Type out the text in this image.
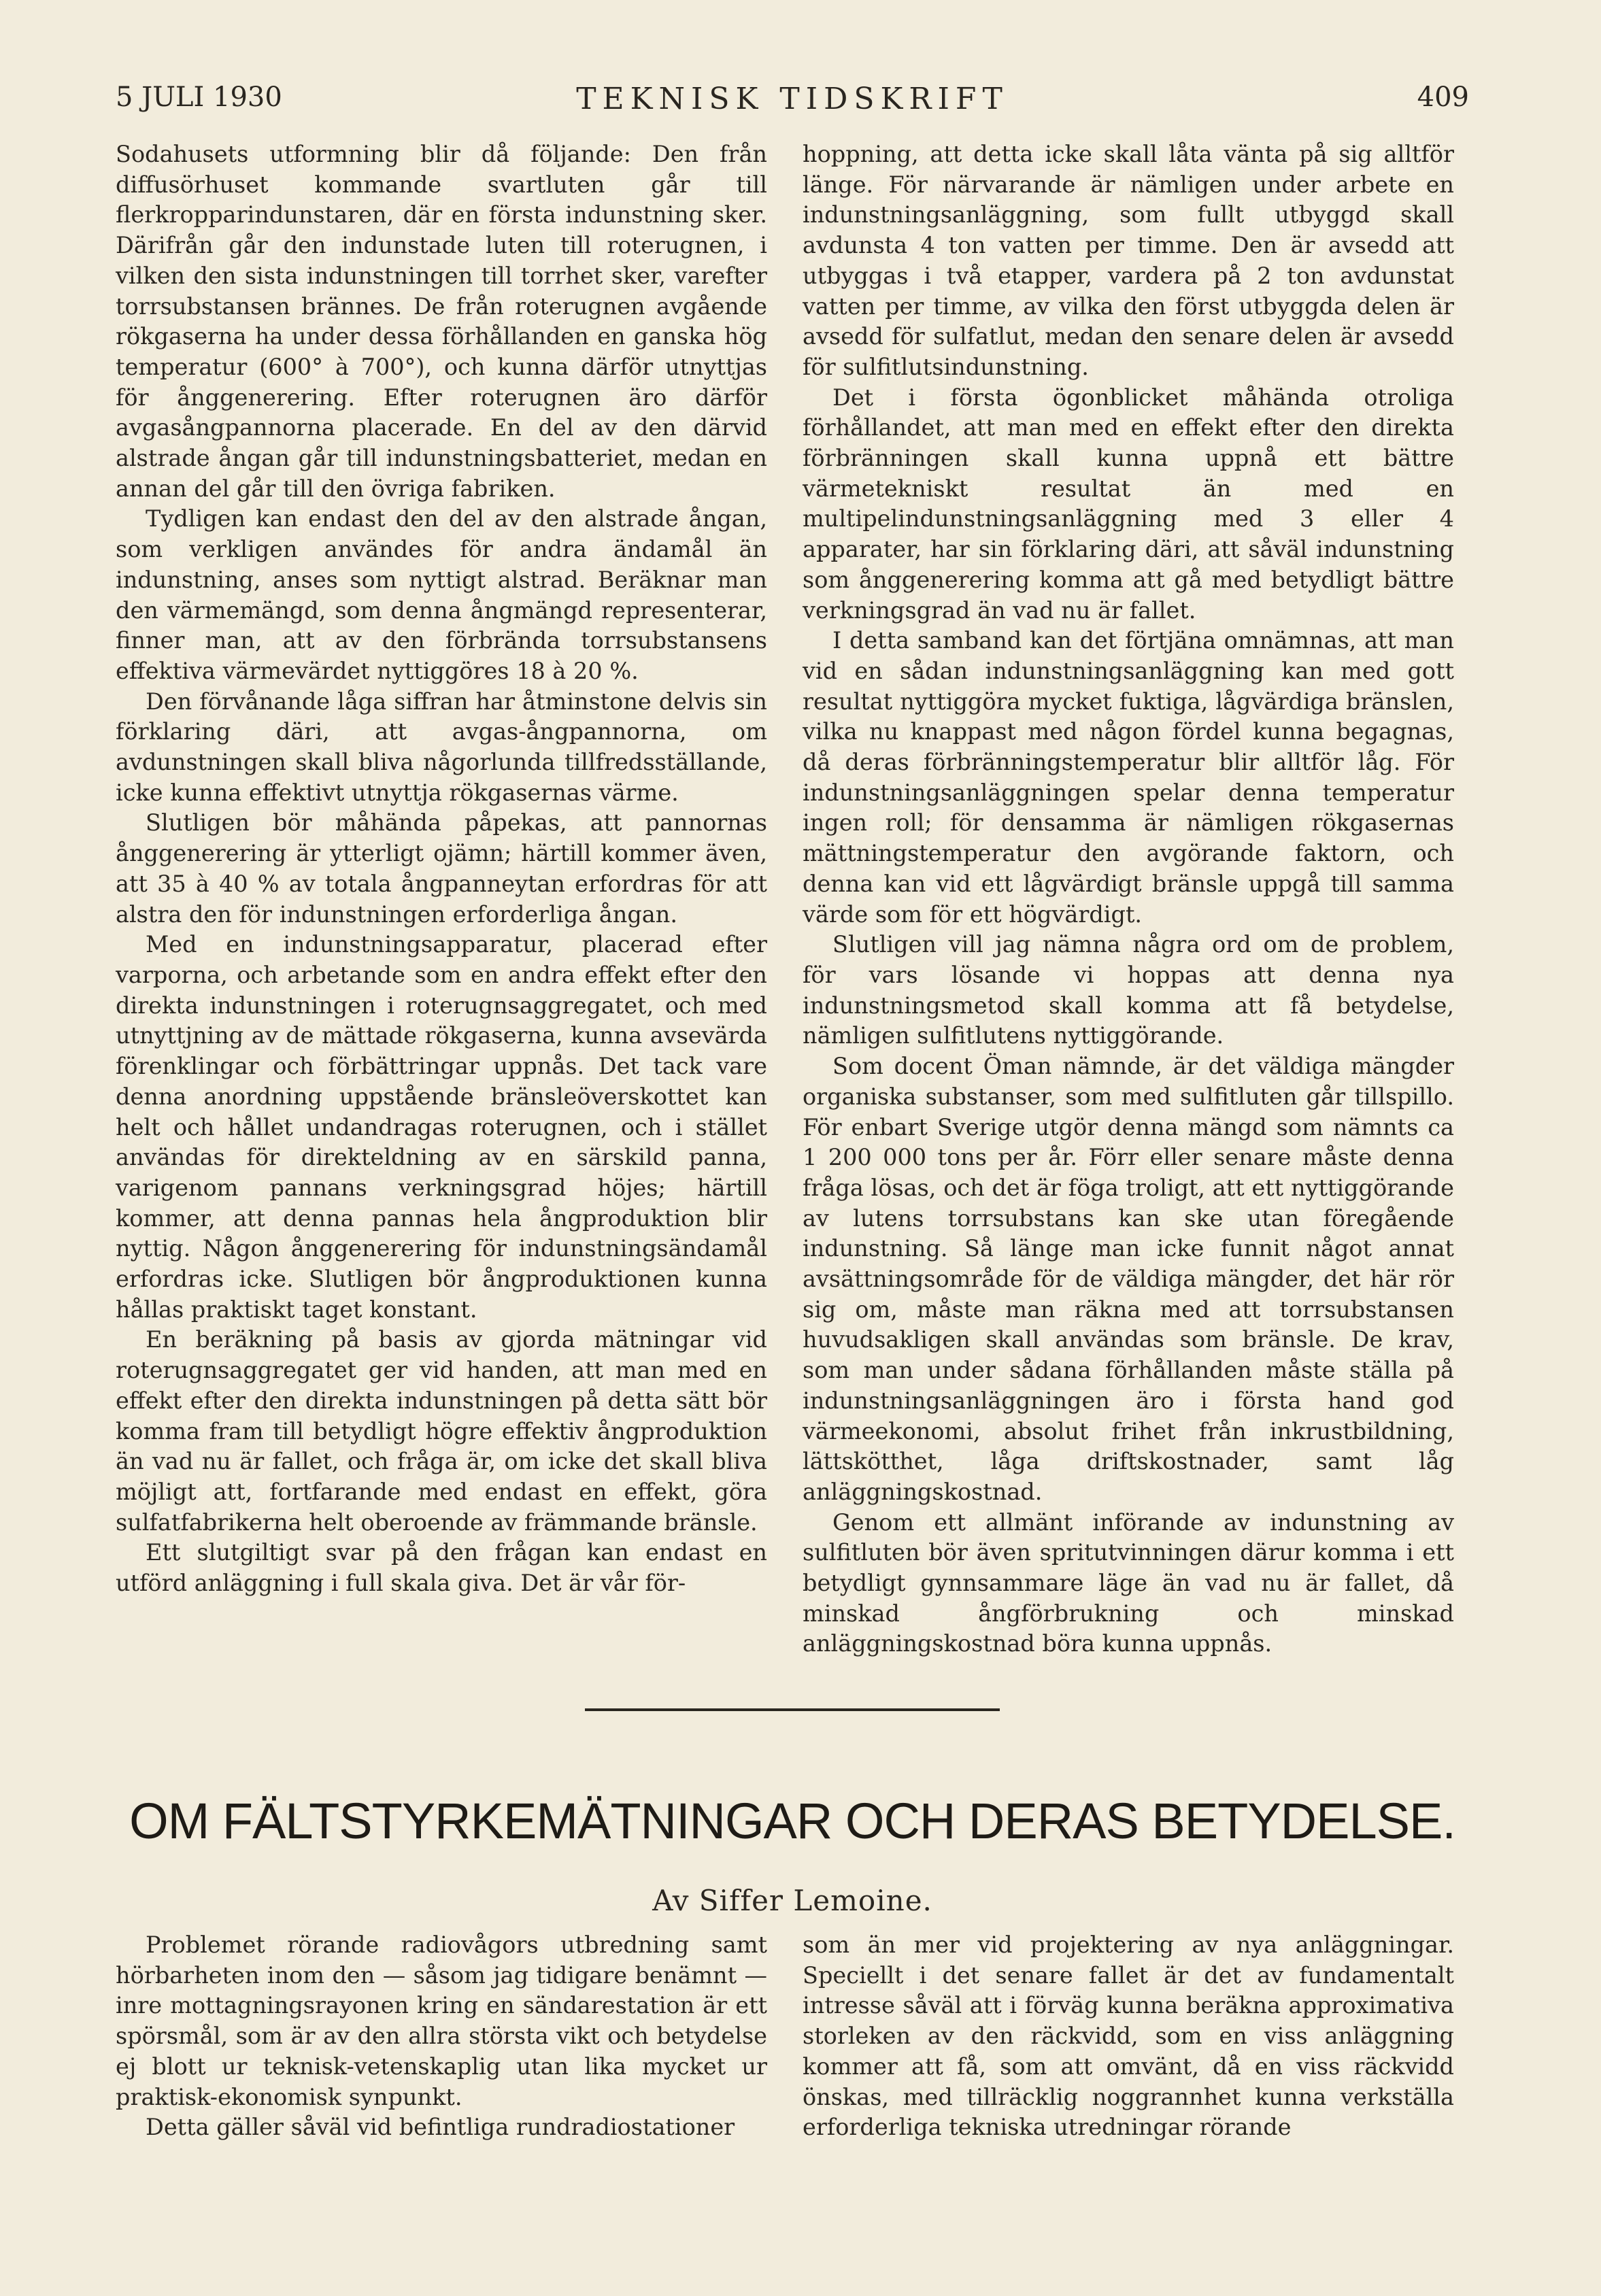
5 JULI 1930	TEKNISK TIDSKRIFT	409

Sodahusets utformning blir då följande: Den från diffusörhuset kommande svartluten går till flerkropparindunstaren, där en första indunstning sker. Därifrån går den indunstade luten till roterugnen, i vilken den sista indunstningen till torrhet sker, varefter torrsubstansen brännes. De från roterugnen avgående rökgaserna ha under dessa förhållanden en ganska hög temperatur (600° à 700°), och kunna därför utnyttjas för ånggenerering. Efter roterugnen äro därför avgasångpannorna placerade. En del av den därvid alstrade ångan går till indunstningsbatteriet, medan en annan del går till den övriga fabriken.

Tydligen kan endast den del av den alstrade ångan, som verkligen användes för andra ändamål än indunstning, anses som nyttigt alstrad. Beräknar man den värmemängd, som denna ångmängd representerar, finner man, att av den förbrända torrsubstansens effektiva värmevärdet nyttiggöres 18 à 20 %.

Den förvånande låga siffran har åtminstone delvis sin förklaring däri, att avgas-ångpannorna, om avdunstningen skall bliva någorlunda tillfredsställande, icke kunna effektivt utnyttja rökgasernas värme.

Slutligen bör måhända påpekas, att pannornas ånggenerering är ytterligt ojämn; härtill kommer även, att 35 à 40 % av totala ångpanneytan erfordras för att alstra den för indunstningen erforderliga ångan.

Med en indunstningsapparatur, placerad efter varporna, och arbetande som en andra effekt efter den direkta indunstningen i roterugnsaggregatet, och med utnyttjning av de mättade rökgaserna, kunna avsevärda förenklingar och förbättringar uppnås. Det tack vare denna anordning uppstående bränsleöverskottet kan helt och hållet undandragas roterugnen, och i stället användas för direkteldning av en särskild panna, varigenom pannans verkningsgrad höjes; härtill kommer, att denna pannas hela ångproduktion blir nyttig. Någon ånggenerering för indunstningsändamål erfordras icke. Slutligen bör ångproduktionen kunna hållas praktiskt taget konstant.

En beräkning på basis av gjorda mätningar vid roterugnsaggregatet ger vid handen, att man med en effekt efter den direkta indunstningen på detta sätt bör komma fram till betydligt högre effektiv ångproduktion än vad nu är fallet, och fråga är, om icke det skall bliva möjligt att, fortfarande med endast en effekt, göra sulfatfabrikerna helt oberoende av främmande bränsle.

Ett slutgiltigt svar på den frågan kan endast en utförd anläggning i full skala giva. Det är vår för-

hoppning, att detta icke skall låta vänta på sig alltför länge. För närvarande är nämligen under arbete en indunstningsanläggning, som fullt utbyggd skall avdunsta 4 ton vatten per timme. Den är avsedd att utbyggas i två etapper, vardera på 2 ton avdunstat vatten per timme, av vilka den först utbyggda delen är avsedd för sulfatlut, medan den senare delen är avsedd för sulfitlutsindunstning.

Det i första ögonblicket måhända otroliga förhållandet, att man med en effekt efter den direkta förbränningen skall kunna uppnå ett bättre värmetekniskt resultat än med en multipelindunstningsanläggning med 3 eller 4 apparater, har sin förklaring däri, att såväl indunstning som ånggenerering komma att gå med betydligt bättre verkningsgrad än vad nu är fallet.

I detta samband kan det förtjäna omnämnas, att man vid en sådan indunstningsanläggning kan med gott resultat nyttiggöra mycket fuktiga, lågvärdiga bränslen, vilka nu knappast med någon fördel kunna begagnas, då deras förbränningstemperatur blir alltför låg. För indunstningsanläggningen spelar denna temperatur ingen roll; för densamma är nämligen rökgasernas mättningstemperatur den avgörande faktorn, och denna kan vid ett lågvärdigt bränsle uppgå till samma värde som för ett högvärdigt.

Slutligen vill jag nämna några ord om de problem, för vars lösande vi hoppas att denna nya indunstningsmetod skall komma att få betydelse, nämligen sulfitlutens nyttiggörande.

Som docent Öman nämnde, är det väldiga mängder organiska substanser, som med sulfitluten går tillspillo. För enbart Sverige utgör denna mängd som nämnts ca 1 200 000 tons per år. Förr eller senare måste denna fråga lösas, och det är föga troligt, att ett nyttiggörande av lutens torrsubstans kan ske utan föregående indunstning. Så länge man icke funnit något annat avsättningsområde för de väldiga mängder, det här rör sig om, måste man räkna med att torrsubstansen huvudsakligen skall användas som bränsle. De krav, som man under sådana förhållanden måste ställa på indunstningsanläggningen äro i första hand god värmeekonomi, absolut frihet från inkrustbildning, lättskötthet, låga driftskostnader, samt låg anläggningskostnad.

Genom ett allmänt införande av indunstning av sulfitluten bör även spritutvinningen därur komma i ett betydligt gynnsammare läge än vad nu är fallet, då minskad ångförbrukning och minskad anläggningskostnad böra kunna uppnås.

OM FÄLTSTYRKEMÄTNINGAR OCH DERAS BETYDELSE.
Av Siffer Lemoine.

Problemet rörande radiovågors utbredning samt hörbarheten inom den — såsom jag tidigare benämnt — inre mottagningsrayonen kring en sändarestation är ett spörsmål, som är av den allra största vikt och betydelse ej blott ur teknisk-vetenskaplig utan lika mycket ur praktisk-ekonomisk synpunkt.

Detta gäller såväl vid befintliga rundradiostationer

som än mer vid projektering av nya anläggningar. Speciellt i det senare fallet är det av fundamentalt intresse såväl att i förväg kunna beräkna approximativa storleken av den räckvidd, som en viss anläggning kommer att få, som att omvänt, då en viss räckvidd önskas, med tillräcklig noggrannhet kunna verkställa erforderliga tekniska utredningar rörande
